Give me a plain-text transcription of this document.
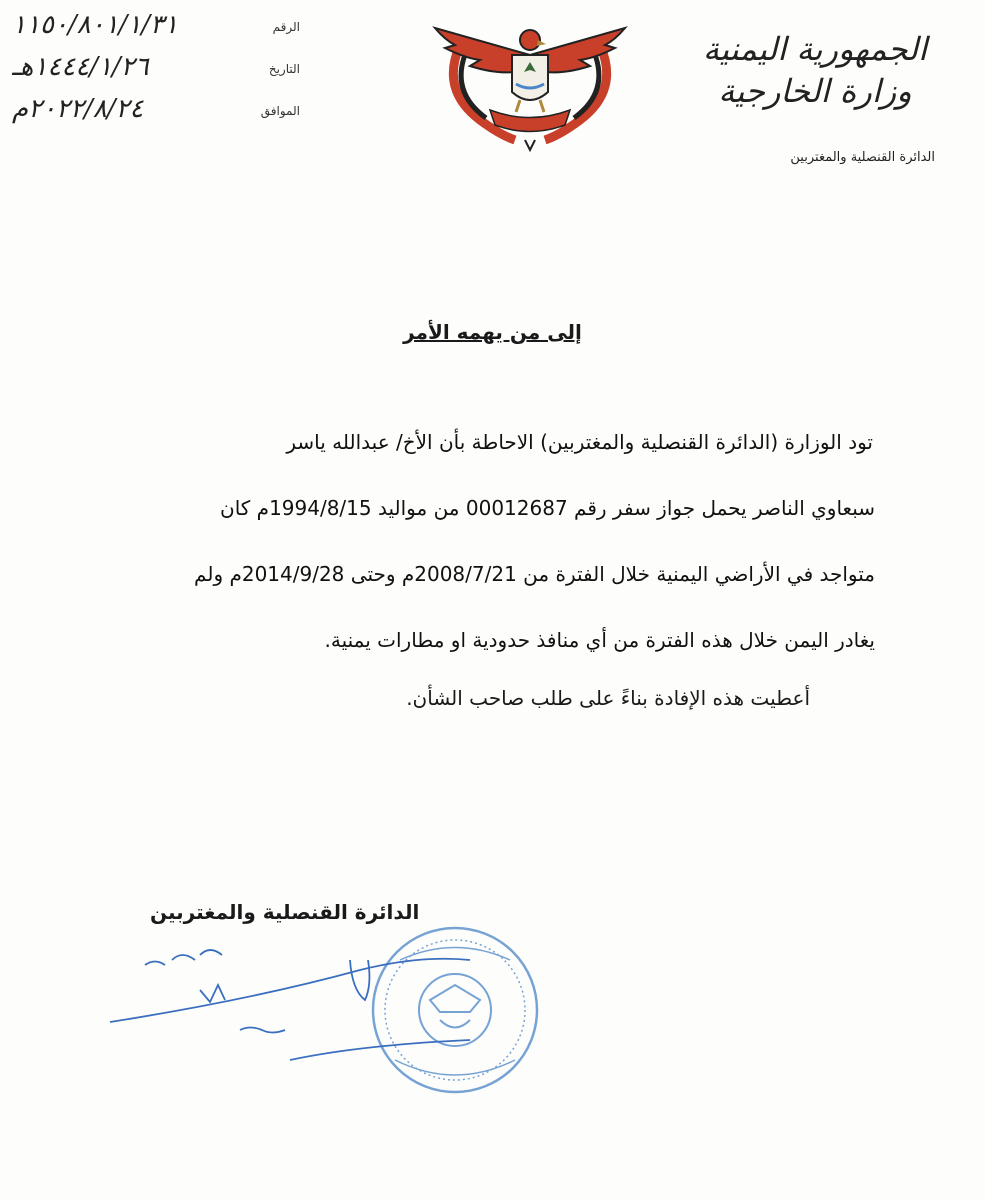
١١٥٠/٨٠١/١/٣١	الرقم
١٤٤٤/١/٢٦هـ	التاريخ
٢٠٢٢/٨/٢٤م	الموافق
الجمهورية اليمنية
وزارة الخارجية
الدائرة القنصلية والمغتربين
إلى من يهمه الأمر
تود الوزارة (الدائرة القنصلية والمغتربين) الاحاطة بأن الأخ/ عبدالله ياسر
سبعاوي الناصر يحمل جواز سفر رقم 00012687 من مواليد 1994/8/15م كان
متواجد في الأراضي اليمنية خلال الفترة من 2008/7/21م وحتى 2014/9/28م ولم
يغادر اليمن خلال هذه الفترة من أي منافذ حدودية او مطارات يمنية.
أعطيت هذه الإفادة بناءً على طلب صاحب الشأن.
الدائرة القنصلية والمغتربين
